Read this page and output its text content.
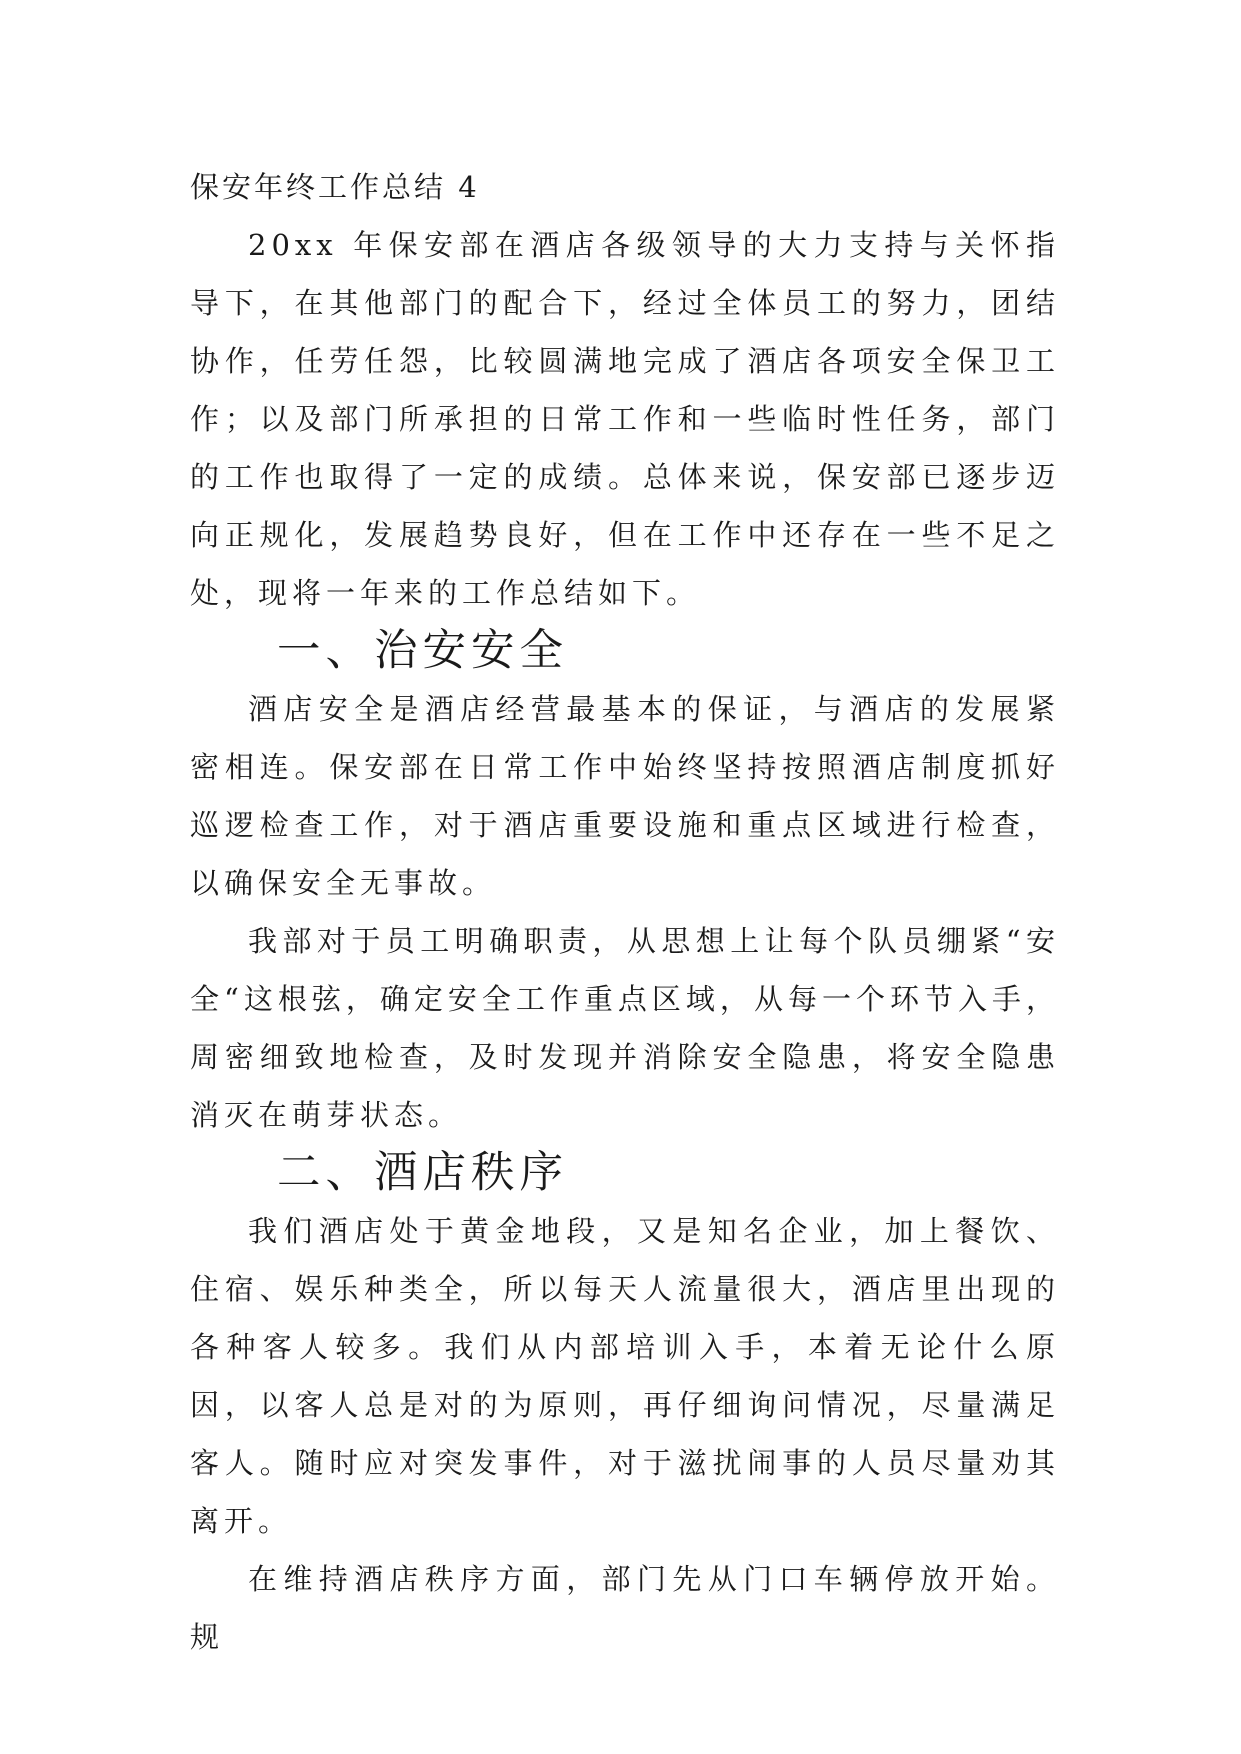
保安年终工作总结 4

20xx 年保安部在酒店各级领导的大力支持与关怀指导下，在其他部门的配合下，经过全体员工的努力，团结协作，任劳任怨，比较圆满地完成了酒店各项安全保卫工作；以及部门所承担的日常工作和一些临时性任务，部门的工作也取得了一定的成绩。总体来说，保安部已逐步迈向正规化，发展趋势良好，但在工作中还存在一些不足之处，现将一年来的工作总结如下。

一、治安安全

酒店安全是酒店经营最基本的保证，与酒店的发展紧密相连。保安部在日常工作中始终坚持按照酒店制度抓好巡逻检查工作，对于酒店重要设施和重点区域进行检查，以确保安全无事故。

我部对于员工明确职责，从思想上让每个队员绷紧“安全“这根弦，确定安全工作重点区域，从每一个环节入手，周密细致地检查，及时发现并消除安全隐患，将安全隐患消灭在萌芽状态。

二、酒店秩序

我们酒店处于黄金地段，又是知名企业，加上餐饮、住宿、娱乐种类全，所以每天人流量很大，酒店里出现的各种客人较多。我们从内部培训入手，本着无论什么原因，以客人总是对的为原则，再仔细询问情况，尽量满足客人。随时应对突发事件，对于滋扰闹事的人员尽量劝其离开。

在维持酒店秩序方面，部门先从门口车辆停放开始。规
